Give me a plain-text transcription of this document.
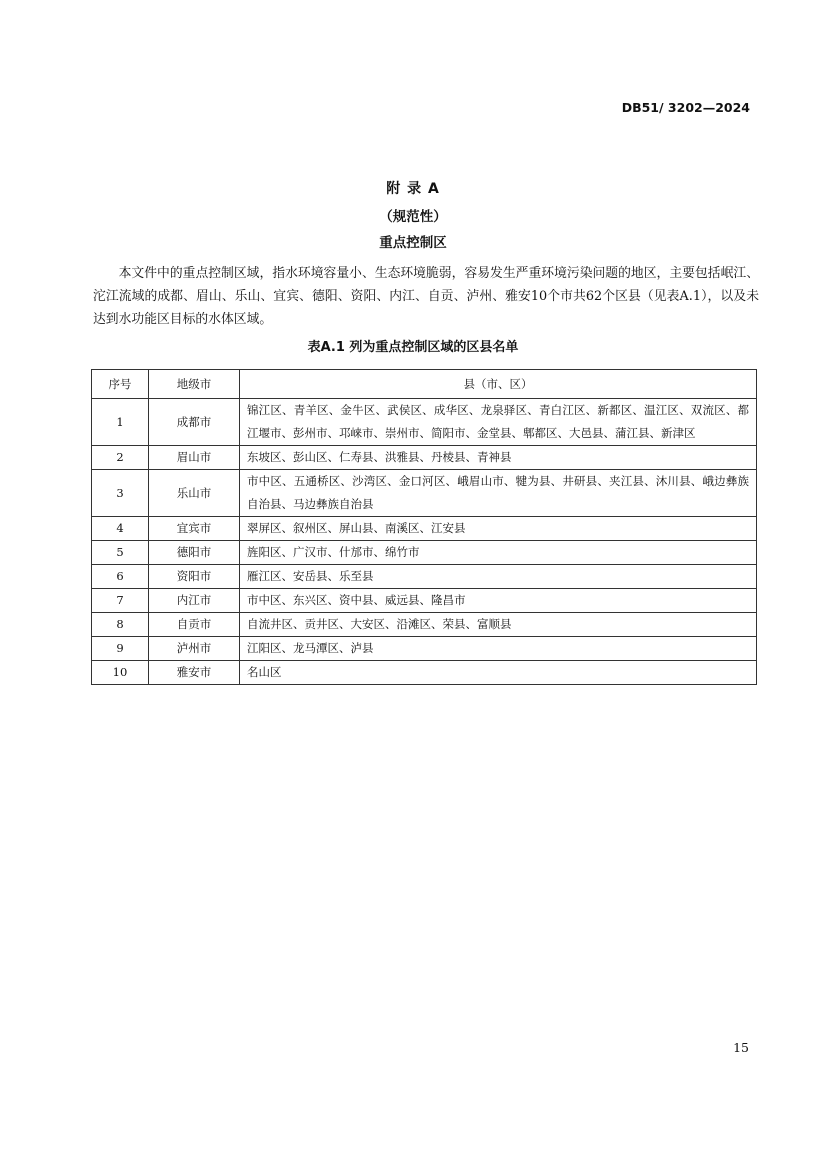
DB51/ 3202—2024
附 录 A
（规范性）
重点控制区

本文件中的重点控制区域，指水环境容量小、生态环境脆弱，容易发生严重环境污染问题的地区，主要包括岷江、沱江流域的成都、眉山、乐山、宜宾、德阳、资阳、内江、自贡、泸州、雅安10个市共62个区县（见表A.1），以及未达到水功能区目标的水体区域。

表A.1 列为重点控制区域的区县名单
序号	地级市	县（市、区）
1	成都市	锦江区、青羊区、金牛区、武侯区、成华区、龙泉驿区、青白江区、新都区、温江区、双流区、都江堰市、彭州市、邛崃市、崇州市、简阳市、金堂县、郫都区、大邑县、蒲江县、新津区
2	眉山市	东坡区、彭山区、仁寿县、洪雅县、丹棱县、青神县
3	乐山市	市中区、五通桥区、沙湾区、金口河区、峨眉山市、犍为县、井研县、夹江县、沐川县、峨边彝族自治县、马边彝族自治县
4	宜宾市	翠屏区、叙州区、屏山县、南溪区、江安县
5	德阳市	旌阳区、广汉市、什邡市、绵竹市
6	资阳市	雁江区、安岳县、乐至县
7	内江市	市中区、东兴区、资中县、威远县、隆昌市
8	自贡市	自流井区、贡井区、大安区、沿滩区、荣县、富顺县
9	泸州市	江阳区、龙马潭区、泸县
10	雅安市	名山区
15
